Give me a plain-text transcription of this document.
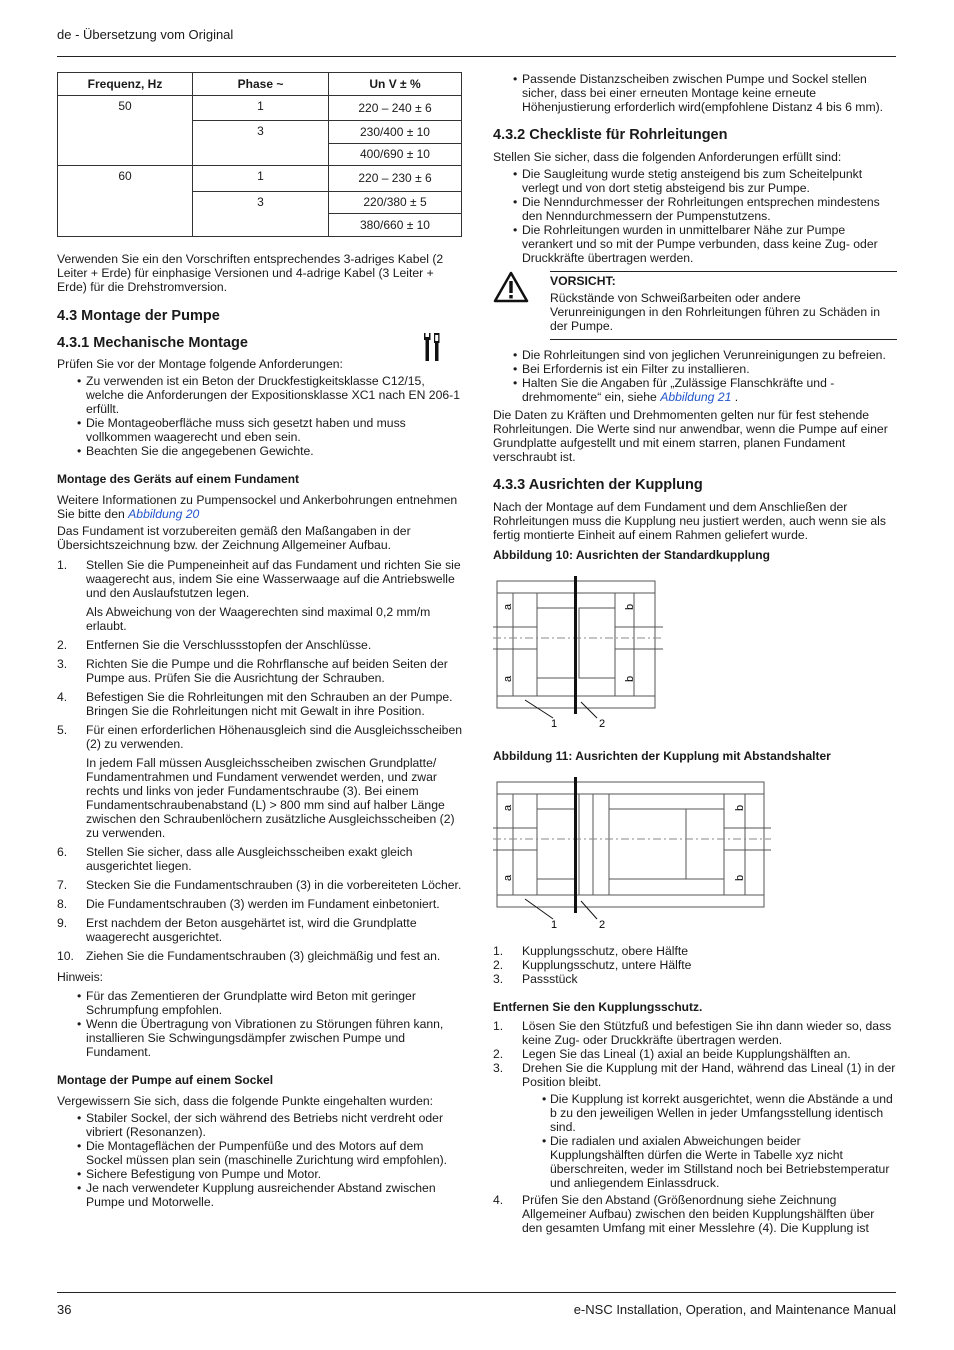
de - Übersetzung vom Original
Frequenz, Hz	Phase ~	Un V ± %
50	1	220 – 240 ± 6
	3	230/400 ± 10
		400/690 ± 10
60	1	220 – 230 ± 6
	3	220/380 ± 5
		380/660 ± 10

Verwenden Sie ein den Vorschriften entsprechendes 3-adriges Kabel (2 Leiter + Erde) für einphasige Versionen und 4-adrige Kabel (3 Leiter + Erde) für die Drehstromversion.

4.3 Montage der Pumpe
4.3.1 Mechanische Montage

Prüfen Sie vor der Montage folgende Anforderungen:

• Zu verwenden ist ein Beton der Druckfestigkeitsklasse C12/15, welche die Anforderungen der Expositionsklasse XC1 nach EN 206-1 erfüllt.
• Die Montageoberfläche muss sich gesetzt haben und muss vollkommen waagerecht und eben sein.
• Beachten Sie die angegebenen Gewichte.
Montage des Geräts auf einem Fundament

Weitere Informationen zu Pumpensockel und Ankerbohrungen entnehmen Sie bitte den Abbildung 20

Das Fundament ist vorzubereiten gemäß den Maßangaben in der Übersichtszeichnung bzw. der Zeichnung Allgemeiner Aufbau.

1. Stellen Sie die Pumpeneinheit auf das Fundament und richten Sie sie waagerecht aus, indem Sie eine Wasserwaage auf die Antriebswelle und den Auslaufstutzen legen.

Als Abweichung von der Waagerechten sind maximal 0,2 mm/m erlaubt.

2. Entfernen Sie die Verschlussstopfen der Anschlüsse.
3. Richten Sie die Pumpe und die Rohrflansche auf beiden Seiten der Pumpe aus. Prüfen Sie die Ausrichtung der Schrauben.
4. Befestigen Sie die Rohrleitungen mit den Schrauben an der Pumpe. Bringen Sie die Rohrleitungen nicht mit Gewalt in ihre Position.
5. Für einen erforderlichen Höhenausgleich sind die Ausgleichsscheiben (2) zu verwenden.

In jedem Fall müssen Ausgleichsscheiben zwischen Grundplatte/ Fundamentrahmen und Fundament verwendet werden, und zwar rechts und links von jeder Fundamentschraube (3). Bei einem Fundamentschraubenabstand (L) > 800 mm sind auf halber Länge zwischen den Schraubenlöchern zusätzliche Ausgleichsscheiben (2) zu verwenden.

6. Stellen Sie sicher, dass alle Ausgleichsscheiben exakt gleich ausgerichtet liegen.
7. Stecken Sie die Fundamentschrauben (3) in die vorbereiteten Löcher.
8. Die Fundamentschrauben (3) werden im Fundament einbetoniert.
9. Erst nachdem der Beton ausgehärtet ist, wird die Grundplatte waagerecht ausgerichtet.
10. Ziehen Sie die Fundamentschrauben (3) gleichmäßig und fest an.

Hinweis:

• Für das Zementieren der Grundplatte wird Beton mit geringer Schrumpfung empfohlen.
• Wenn die Übertragung von Vibrationen zu Störungen führen kann, installieren Sie Schwingungsdämpfer zwischen Pumpe und Fundament.
Montage der Pumpe auf einem Sockel

Vergewissern Sie sich, dass die folgende Punkte eingehalten wurden:

• Stabiler Sockel, der sich während des Betriebs nicht verdreht oder vibriert (Resonanzen).
• Die Montageflächen der Pumpenfüße und des Motors auf dem Sockel müssen plan sein (maschinelle Zurichtung wird empfohlen).
• Sichere Befestigung von Pumpe und Motor.
• Je nach verwendeter Kupplung ausreichender Abstand zwischen Pumpe und Motorwelle.
• Passende Distanzscheiben zwischen Pumpe und Sockel stellen sicher, dass bei einer erneuten Montage keine erneute Höhenjustierung erforderlich wird(empfohlene Distanz 4 bis 6 mm).
4.3.2 Checkliste für Rohrleitungen

Stellen Sie sicher, dass die folgenden Anforderungen erfüllt sind:

• Die Saugleitung wurde stetig ansteigend bis zum Scheitelpunkt verlegt und von dort stetig absteigend bis zur Pumpe.
• Die Nenndurchmesser der Rohrleitungen entsprechen mindestens den Nenndurchmessern der Pumpenstutzens.
• Die Rohrleitungen wurden in unmittelbarer Nähe zur Pumpe verankert und so mit der Pumpe verbunden, dass keine Zug- oder Druckkräfte übertragen werden.
VORSICHT:
Rückstände von Schweißarbeiten oder andere Verunreinigungen in den Rohrleitungen führen zu Schäden in der Pumpe.
• Die Rohrleitungen sind von jeglichen Verunreinigungen zu befreien.
• Bei Erfordernis ist ein Filter zu installieren.
• Halten Sie die Angaben für „Zulässige Flanschkräfte und -drehmomente“ ein, siehe Abbildung 21 .

Die Daten zu Kräften und Drehmomenten gelten nur für fest stehende Rohrleitungen. Die Werte sind nur anwendbar, wenn die Pumpe auf einer Grundplatte aufgestellt und mit einem starren, planen Fundament verschraubt ist.

4.3.3 Ausrichten der Kupplung

Nach der Montage auf dem Fundament und dem Anschließen der Rohrleitungen muss die Kupplung neu justiert werden, auch wenn sie als fertig montierte Einheit auf einem Rahmen geliefert wurde.

Abbildung 10: Ausrichten der Standardkupplung
a
a
b
b
1	2
Abbildung 11: Ausrichten der Kupplung mit Abstandshalter
a
a
b
b
1	2
1. Kupplungsschutz, obere Hälfte
2. Kupplungsschutz, untere Hälfte
3. Passstück
Entfernen Sie den Kupplungsschutz.
1. Lösen Sie den Stützfuß und befestigen Sie ihn dann wieder so, dass keine Zug- oder Druckkräfte übertragen werden.
2. Legen Sie das Lineal (1) axial an beide Kupplungshälften an.
3. Drehen Sie die Kupplung mit der Hand, während das Lineal (1) in der Position bleibt.
• Die Kupplung ist korrekt ausgerichtet, wenn die Abstände a und b zu den jeweiligen Wellen in jeder Umfangsstellung identisch sind.
• Die radialen und axialen Abweichungen beider Kupplungshälften dürfen die Werte in Tabelle xyz nicht überschreiten, weder im Stillstand noch bei Betriebstemperatur und anliegendem Einlassdruck.
4. Prüfen Sie den Abstand (Größenordnung siehe Zeichnung Allgemeiner Aufbau) zwischen den beiden Kupplungshälften über den gesamten Umfang mit einer Messlehre (4). Die Kupplung ist
36	e-NSC Installation, Operation, and Maintenance Manual
